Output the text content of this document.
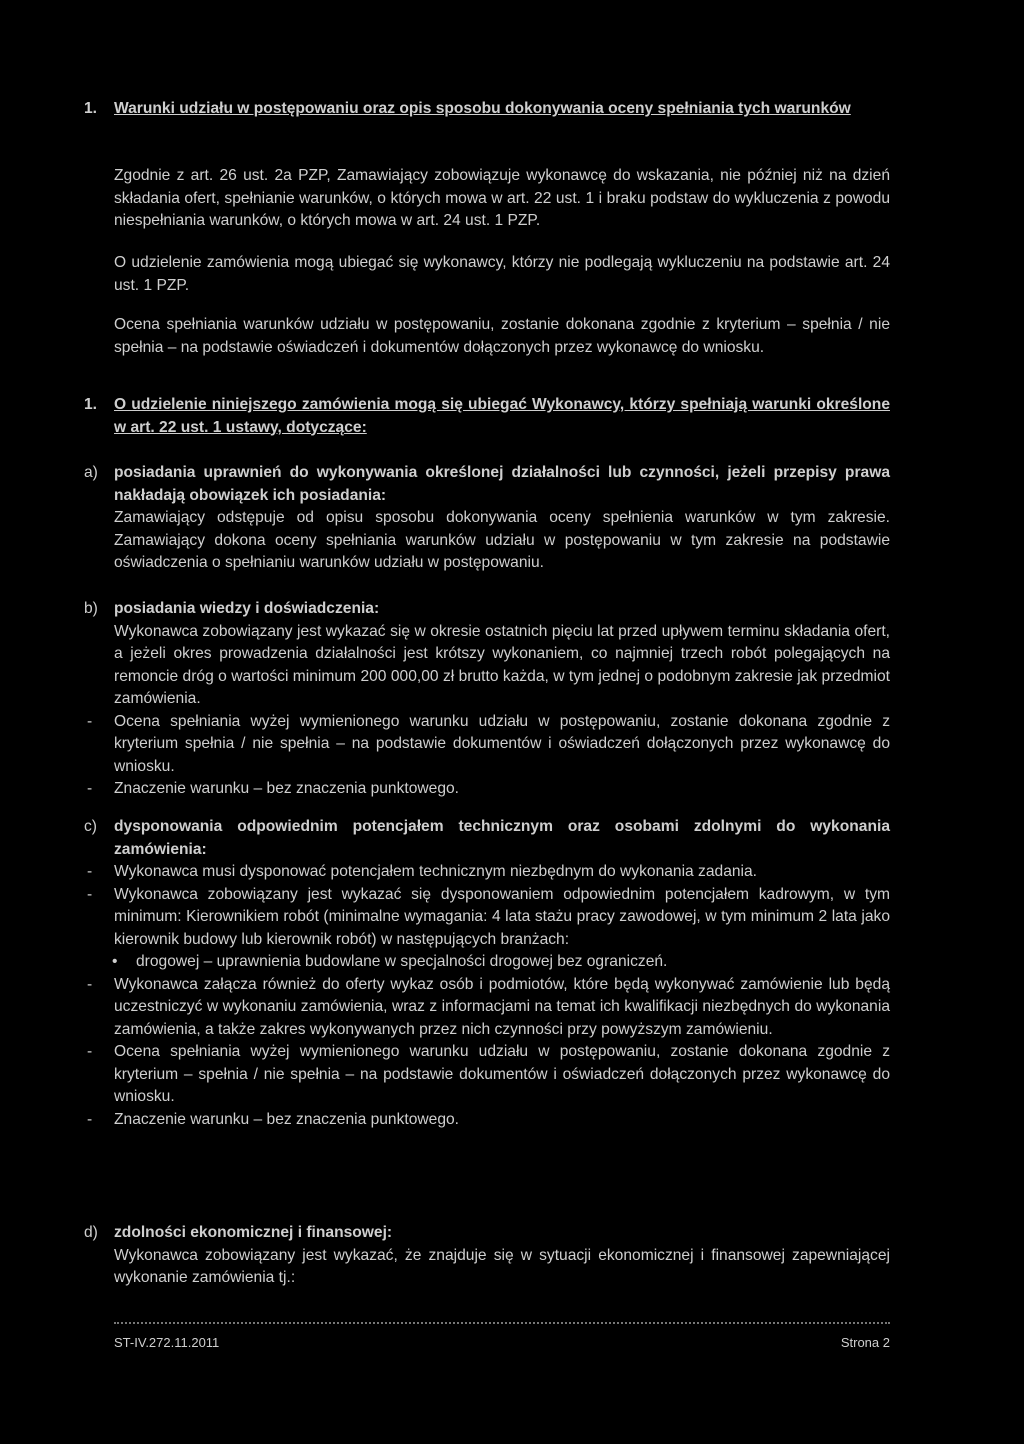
1. Warunki udziału w postępowaniu oraz opis sposobu dokonywania oceny spełniania tych warunków

Zgodnie z art. 26 ust. 2a PZP, Zamawiający zobowiązuje wykonawcę do wskazania, nie później niż na dzień składania ofert, spełnianie warunków, o których mowa w art. 22 ust. 1 i braku podstaw do wykluczenia z powodu niespełniania warunków, o których mowa w art. 24 ust. 1 PZP.

O udzielenie zamówienia mogą ubiegać się wykonawcy, którzy nie podlegają wykluczeniu na podstawie art. 24 ust. 1 PZP.

Ocena spełniania warunków udziału w postępowaniu, zostanie dokonana zgodnie z kryterium – spełnia / nie spełnia – na podstawie oświadczeń i dokumentów dołączonych przez wykonawcę do wniosku.

1. O udzielenie niniejszego zamówienia mogą się ubiegać Wykonawcy, którzy spełniają warunki określone w art. 22 ust. 1 ustawy, dotyczące:
a) posiadania uprawnień do wykonywania określonej działalności lub czynności, jeżeli przepisy prawa nakładają obowiązek ich posiadania:
Zamawiający odstępuje od opisu sposobu dokonywania oceny spełnienia warunków w tym zakresie. Zamawiający dokona oceny spełniania warunków udziału w postępowaniu w tym zakresie na podstawie oświadczenia o spełnianiu warunków udziału w postępowaniu.
b) posiadania wiedzy i doświadczenia:
Wykonawca zobowiązany jest wykazać się w okresie ostatnich pięciu lat przed upływem terminu składania ofert, a jeżeli okres prowadzenia działalności jest krótszy wykonaniem, co najmniej trzech robót polegających na remoncie dróg o wartości minimum 200 000,00 zł brutto każda, w tym jednej o podobnym zakresie jak przedmiot zamówienia.
- Ocena spełniania wyżej wymienionego warunku udziału w postępowaniu, zostanie dokonana zgodnie z kryterium spełnia / nie spełnia – na podstawie dokumentów i oświadczeń dołączonych przez wykonawcę do wniosku.
- Znaczenie warunku – bez znaczenia punktowego.
c) dysponowania odpowiednim potencjałem technicznym oraz osobami zdolnymi do wykonania zamówienia:
- Wykonawca musi dysponować potencjałem technicznym niezbędnym do wykonania zadania.
- Wykonawca zobowiązany jest wykazać się dysponowaniem odpowiednim potencjałem kadrowym, w tym minimum: Kierownikiem robót (minimalne wymagania: 4 lata stażu pracy zawodowej, w tym minimum 2 lata jako kierownik budowy lub kierownik robót) w następujących branżach:
• drogowej – uprawnienia budowlane w specjalności drogowej bez ograniczeń.
- Wykonawca załącza również do oferty wykaz osób i podmiotów, które będą wykonywać zamówienie lub będą uczestniczyć w wykonaniu zamówienia, wraz z informacjami na temat ich kwalifikacji niezbędnych do wykonania zamówienia, a także zakres wykonywanych przez nich czynności przy powyższym zamówieniu.
- Ocena spełniania wyżej wymienionego warunku udziału w postępowaniu, zostanie dokonana zgodnie z kryterium – spełnia / nie spełnia – na podstawie dokumentów i oświadczeń dołączonych przez wykonawcę do wniosku.
- Znaczenie warunku – bez znaczenia punktowego.
d) zdolności ekonomicznej i finansowej:
Wykonawca zobowiązany jest wykazać, że znajduje się w sytuacji ekonomicznej i finansowej zapewniającej wykonanie zamówienia tj.:
ST-IV.272.11.2011	Strona 2
